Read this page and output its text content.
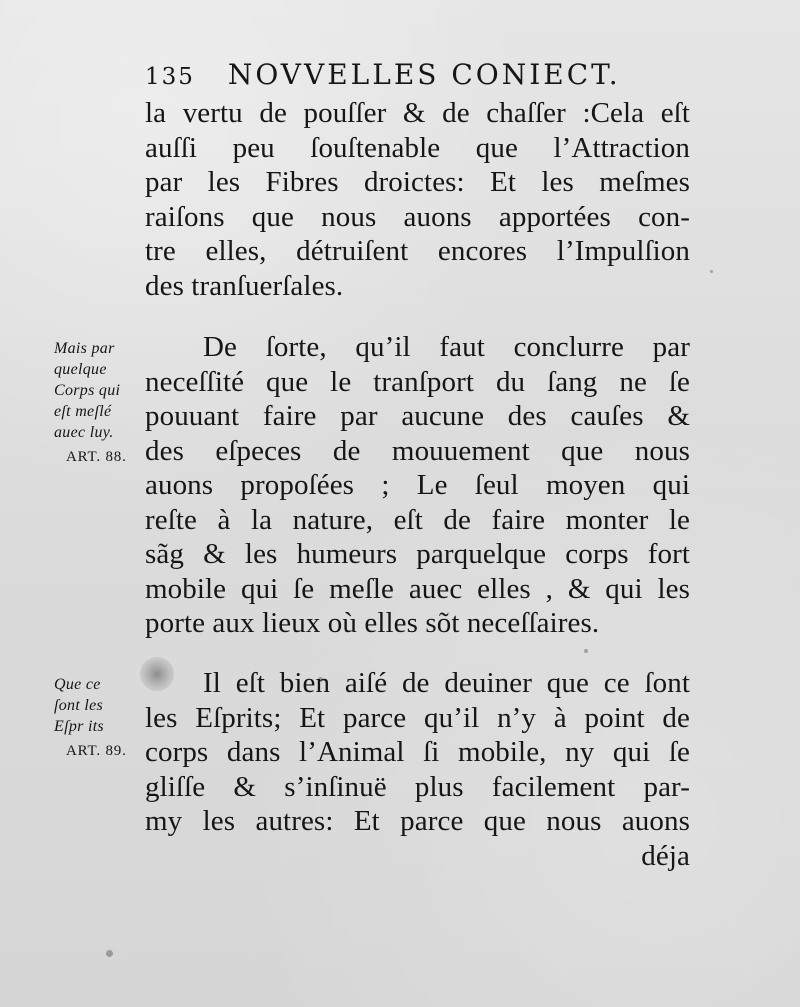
135 NOVVELLES CONIECT.
la vertu de pouſſer & de chaſſer :Cela eſt
auſſi peu ſouſtenable que l’Attraction
par les Fibres droictes: Et les meſmes
raiſons que nous auons apportées con-
tre elles, détruiſent encores l’Impulſion
des tranſuerſales.
Mais par
quelque
Corps qui
eſt meſlé
auec luy.
ART. 88.
De ſorte, qu’il faut conclurre par
neceſſité que le tranſport du ſang ne ſe
pouuant faire par aucune des cauſes &
des eſpeces de mouuement que nous
auons propoſées ; Le ſeul moyen qui
reſte à la nature, eſt de faire monter le
sãg & les humeurs parquelque corps fort
mobile qui ſe meſle auec elles , & qui les
porte aux lieux où elles sõt neceſſaires.
Que ce
ſont les
Eſpr its
ART. 89.
Il eſt bien aiſé de deuiner que ce ſont
les Eſprits; Et parce qu’il n’y à point de
corps dans l’Animal ſi mobile, ny qui ſe
gliſſe & s’inſinuë plus facilement par-
my les autres: Et parce que nous auons
déja
